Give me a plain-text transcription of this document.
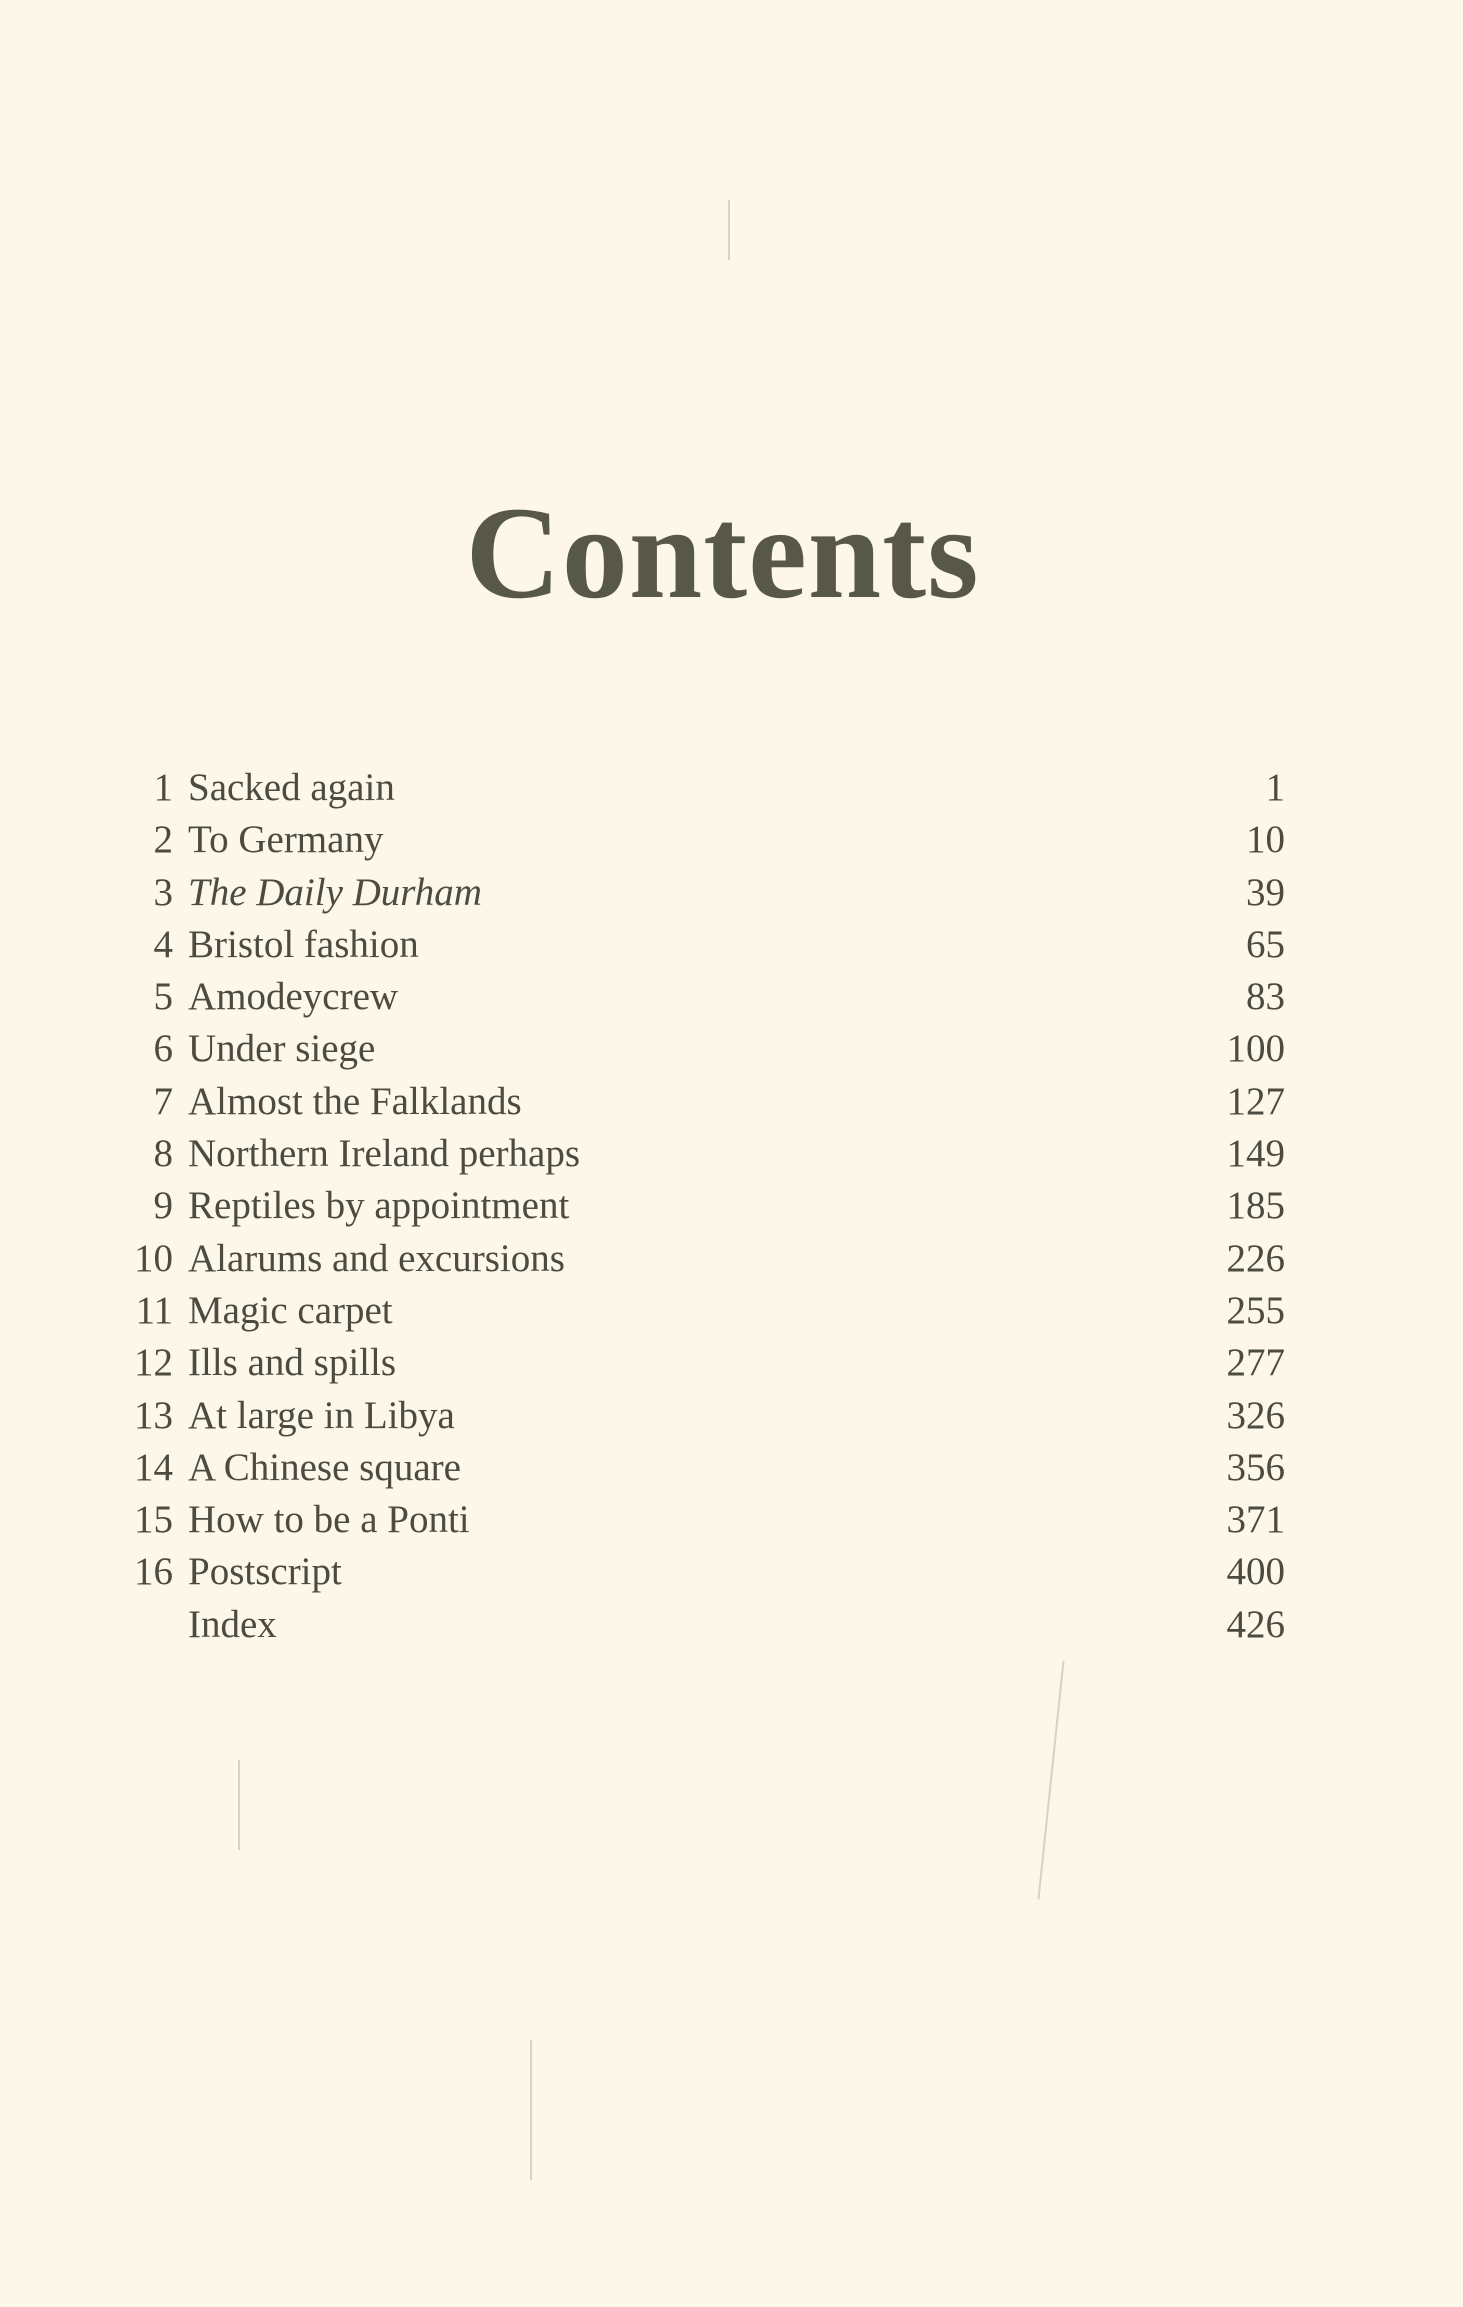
Contents
1 Sacked again	1
2 To Germany	10
3 The Daily Durham	39
4 Bristol fashion	65
5 Amodeycrew	83
6 Under siege	100
7 Almost the Falklands	127
8 Northern Ireland perhaps	149
9 Reptiles by appointment	185
10 Alarums and excursions	226
11 Magic carpet	255
12 Ills and spills	277
13 At large in Libya	326
14 A Chinese square	356
15 How to be a Ponti	371
16 Postscript	400
Index	426
